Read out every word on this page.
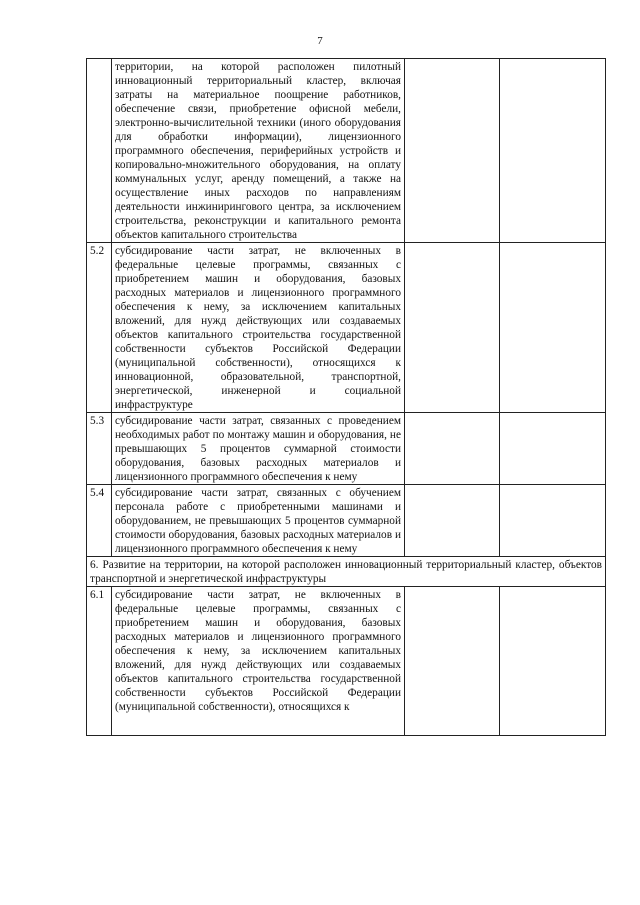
7
	территории, на которой расположен пилотный инновационный территориальный кластер, включая затраты на материальное поощрение работников, обеспечение связи, приобретение офисной мебели, электронно-вычислительной техники (иного оборудования для обработки информации), лицензионного программного обеспечения, периферийных устройств и копировально-множительного оборудования, на оплату коммунальных услуг, аренду помещений, а также на осуществление иных расходов по направлениям деятельности инжинирингового центра, за исключением строительства, реконструкции и капитального ремонта объектов капитального строительства		
5.2	субсидирование части затрат, не включенных в федеральные целевые программы, связанных с приобретением машин и оборудования, базовых расходных материалов и лицензионного программного обеспечения к нему, за исключением капитальных вложений, для нужд действующих или создаваемых объектов капитального строительства государственной собственности субъектов Российской Федерации (муниципальной собственности), относящихся к инновационной, образовательной, транспортной, энергетической, инженерной и социальной инфраструктуре		
5.3	субсидирование части затрат, связанных с проведением необходимых работ по монтажу машин и оборудования, не превышающих 5 процентов суммарной стоимости оборудования, базовых расходных материалов и лицензионного программного обеспечения к нему		
5.4	субсидирование части затрат, связанных с обучением персонала работе с приобретенными машинами и оборудованием, не превышающих 5 процентов суммарной стоимости оборудования, базовых расходных материалов и лицензионного программного обеспечения к нему		
6. Развитие на территории, на которой расположен инновационный территориальный кластер, объектов транспортной и энергетической инфраструктуры			
6.1	субсидирование части затрат, не включенных в федеральные целевые программы, связанных с приобретением машин и оборудования, базовых расходных материалов и лицензионного программного обеспечения к нему, за исключением капитальных вложений, для нужд действующих или создаваемых объектов капитального строительства государственной собственности субъектов Российской Федерации (муниципальной собственности), относящихся к		
